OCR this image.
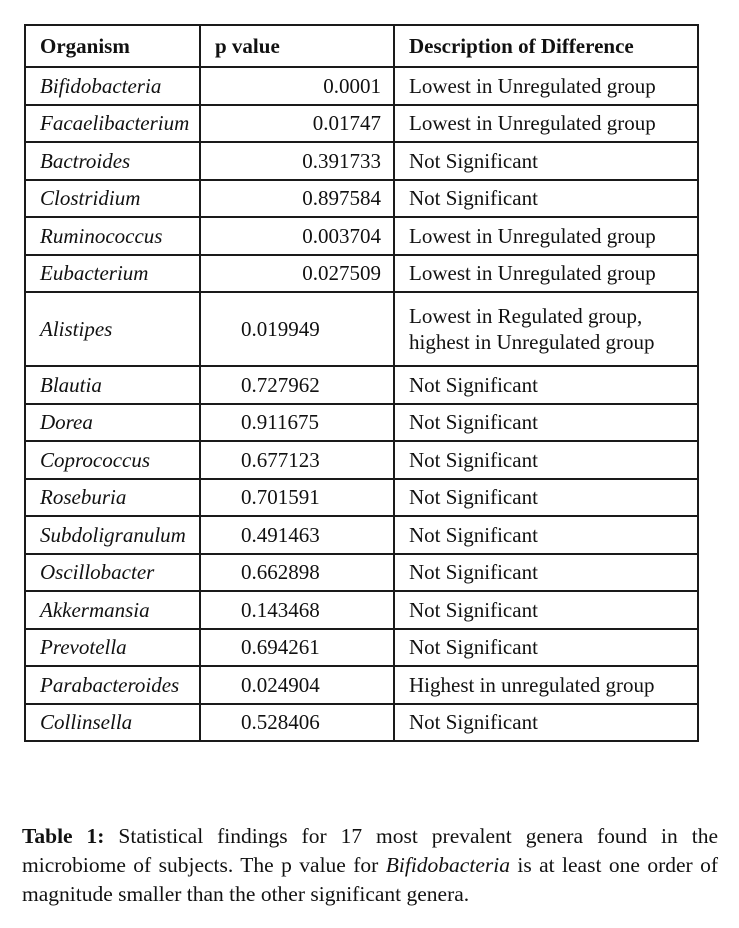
Organism	p value	Description of Difference
Bifidobacteria	0.0001	Lowest in Unregulated group
Facaelibacterium	0.01747	Lowest in Unregulated group
Bactroides	0.391733	Not Significant
Clostridium	0.897584	Not Significant
Ruminococcus	0.003704	Lowest in Unregulated group
Eubacterium	0.027509	Lowest in Unregulated group
Alistipes	0.019949	Lowest in Regulated group,
highest in Unregulated group

Blautia	0.727962	Not Significant
Dorea	0.911675	Not Significant
Coprococcus	0.677123	Not Significant
Roseburia	0.701591	Not Significant
Subdoligranulum	0.491463	Not Significant
Oscillobacter	0.662898	Not Significant
Akkermansia	0.143468	Not Significant
Prevotella	0.694261	Not Significant
Parabacteroides	0.024904	Highest in unregulated group
Collinsella	0.528406	Not Significant

Table 1: Statistical findings for 17 most prevalent genera found in the microbiome of subjects. The p value for Bifidobacteria is at least one order of magnitude smaller than the other significant genera.
